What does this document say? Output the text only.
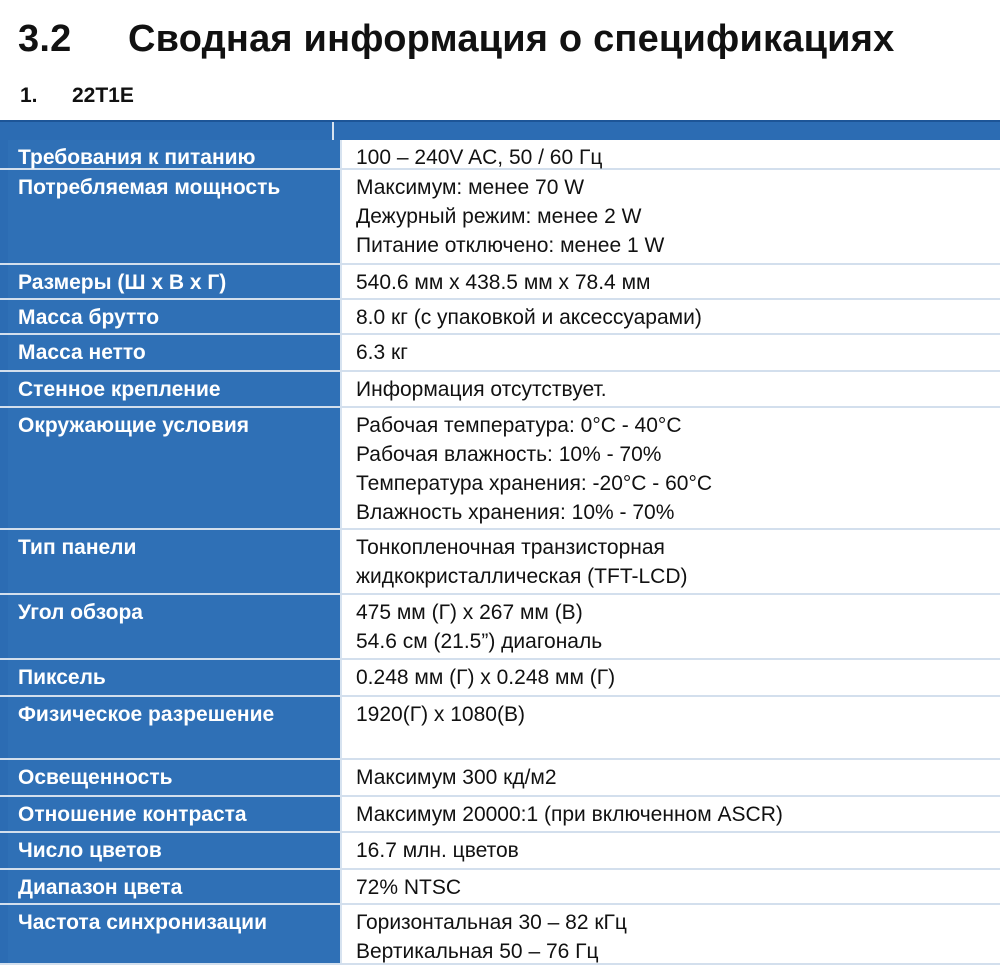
3.2 Сводная информация о спецификациях
1. 22T1E
Требования к питанию	100 – 240V AC, 50 / 60 Гц
Потребляемая мощность	Максимум: менее 70 W
Дежурный режим: менее 2 W
Питание отключено: менее 1 W
Размеры (Ш x В x Г)	540.6 мм x 438.5 мм x 78.4 мм
Масса брутто	8.0 кг (с упаковкой и аксессуарами)
Масса нетто	6.3 кг
Стенное крепление	Информация отсутствует.
Окружающие условия	Рабочая температура: 0°C - 40°C
Рабочая влажность: 10% - 70%
Температура хранения: -20°C - 60°C
Влажность хранения: 10% - 70%
Тип панели	Тонкопленочная транзисторная
жидкокристаллическая (TFT-LCD)
Угол обзора	475 мм (Г) x 267 мм (В)
54.6 см (21.5”) диагональ
Пиксель	0.248 мм (Г) x 0.248 мм (Г)
Физическое разрешение	1920(Г) x 1080(В)
Освещенность	Максимум 300 кд/м2
Отношение контраста	Максимум 20000:1 (при включенном ASCR)
Число цветов	16.7 млн. цветов
Диапазон цвета	72% NTSC
Частота синхронизации	Горизонтальная 30 – 82 кГц
Вертикальная 50 – 76 Гц
